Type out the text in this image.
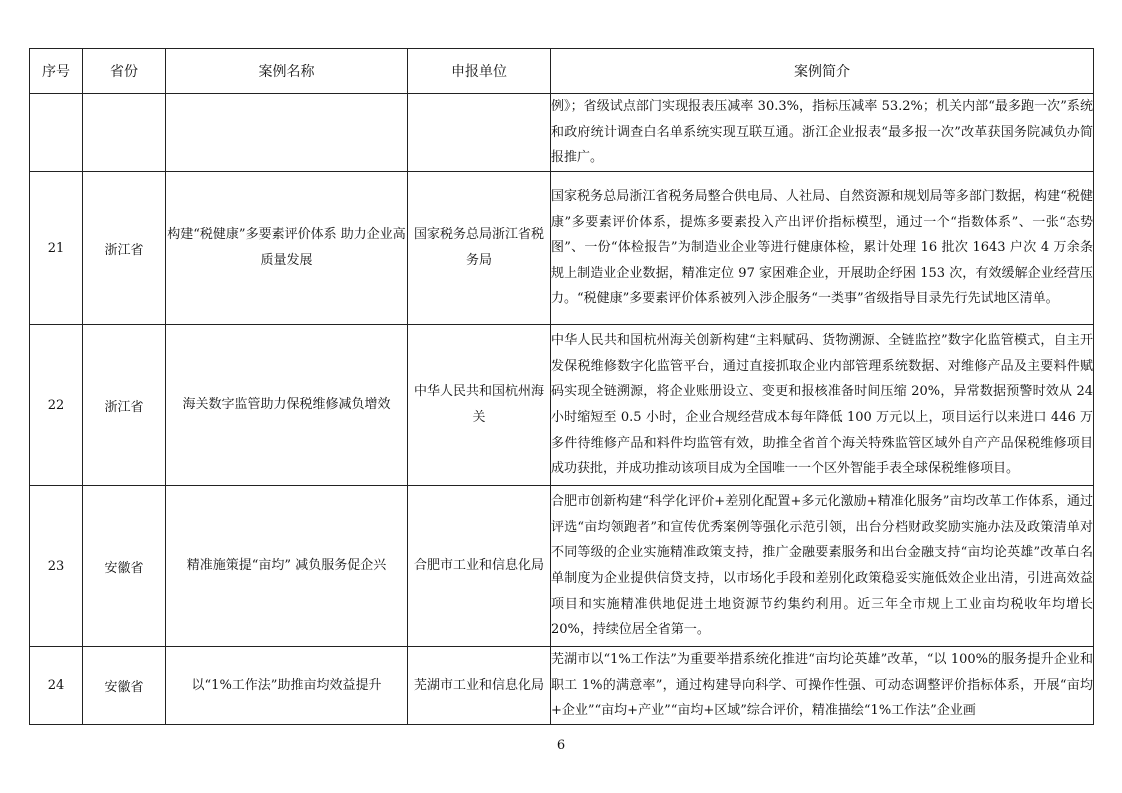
序号	省份	案例名称	申报单位	案例简介
				例》；省级试点部门实现报表压减率 30.3%，指标压减率 53.2%；机关内部“最多跑一次”系统和政府统计调查白名单系统实现互联互通。浙江企业报表“最多报一次”改革获国务院减负办简报推广。
21	浙江省	构建“税健康”多要素评价体系 助力企业高质量发展	国家税务总局浙江省税务局	国家税务总局浙江省税务局整合供电局、人社局、自然资源和规划局等多部门数据，构建“税健康”多要素评价体系，提炼多要素投入产出评价指标模型，通过一个“指数体系”、一张“态势图”、一份“体检报告”为制造业企业等进行健康体检，累计处理 16 批次 1643 户次 4 万余条规上制造业企业数据，精准定位 97 家困难企业，开展助企纾困 153 次，有效缓解企业经营压力。“税健康”多要素评价体系被列入涉企服务“一类事”省级指导目录先行先试地区清单。
22	浙江省	海关数字监管助力保税维修减负增效	中华人民共和国杭州海关	中华人民共和国杭州海关创新构建“主料赋码、货物溯源、全链监控”数字化监管模式，自主开发保税维修数字化监管平台，通过直接抓取企业内部管理系统数据、对维修产品及主要料件赋码实现全链溯源，将企业账册设立、变更和报核准备时间压缩 20%，异常数据预警时效从 24 小时缩短至 0.5 小时，企业合规经营成本每年降低 100 万元以上，项目运行以来进口 446 万多件待维修产品和料件均监管有效，助推全省首个海关特殊监管区域外自产产品保税维修项目成功获批，并成功推动该项目成为全国唯一一个区外智能手表全球保税维修项目。
23	安徽省	精准施策提“亩均” 减负服务促企兴	合肥市工业和信息化局	合肥市创新构建“科学化评价+差别化配置+多元化激励+精准化服务”亩均改革工作体系，通过评选“亩均领跑者”和宣传优秀案例等强化示范引领，出台分档财政奖励实施办法及政策清单对不同等级的企业实施精准政策支持，推广金融要素服务和出台金融支持“亩均论英雄”改革白名单制度为企业提供信贷支持，以市场化手段和差别化政策稳妥实施低效企业出清，引进高效益项目和实施精准供地促进土地资源节约集约利用。近三年全市规上工业亩均税收年均增长 20%，持续位居全省第一。
24	安徽省	以“1%工作法”助推亩均效益提升	芜湖市工业和信息化局	芜湖市以“1%工作法”为重要举措系统化推进“亩均论英雄”改革，“以 100%的服务提升企业和职工 1%的满意率”，通过构建导向科学、可操作性强、可动态调整评价指标体系，开展“亩均+企业”“亩均+产业”“亩均+区域”综合评价，精准描绘“1%工作法”企业画
6
